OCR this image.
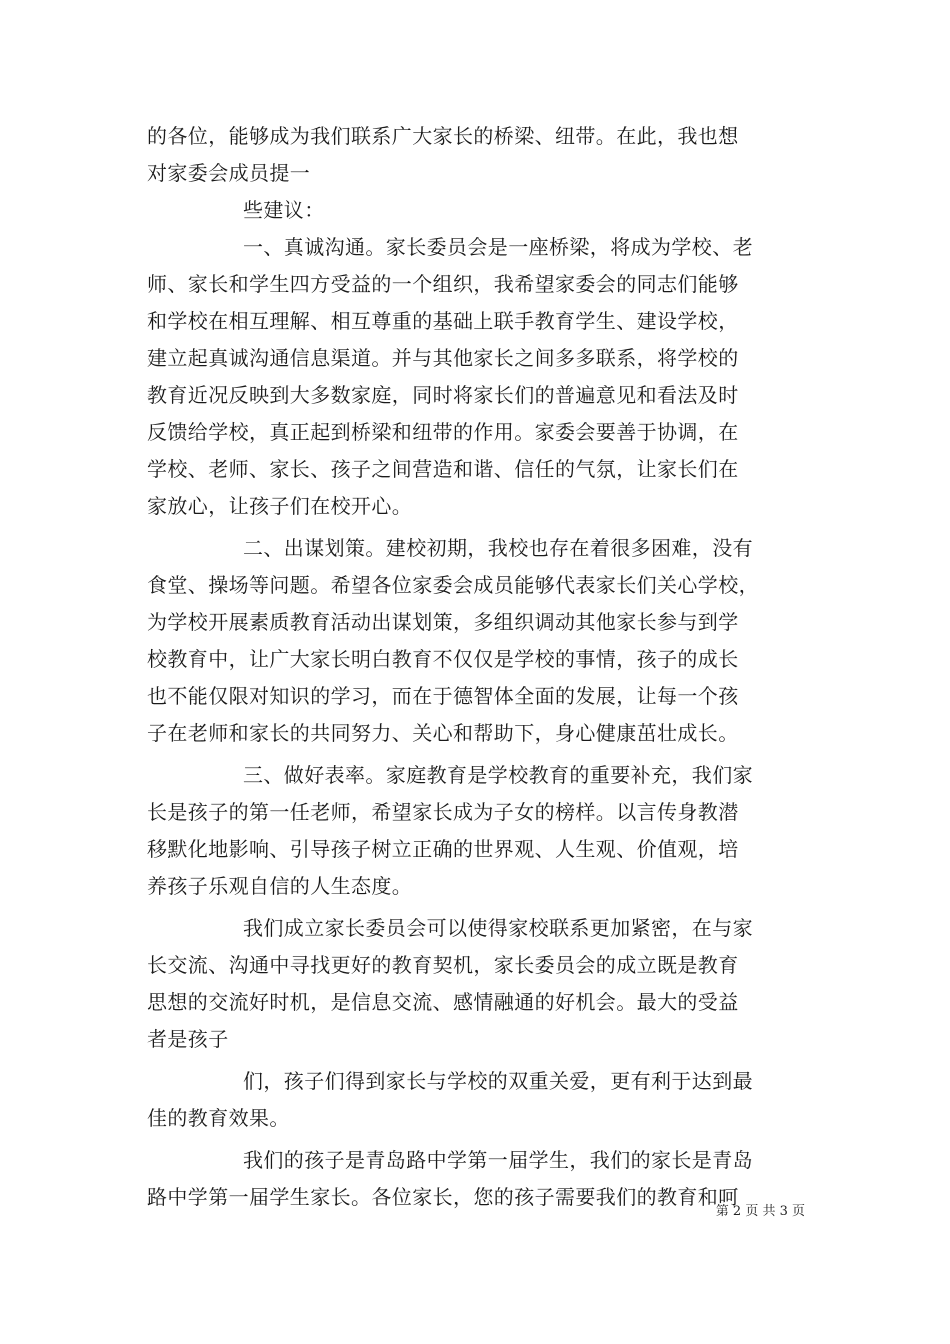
的各位，能够成为我们联系广大家长的桥梁、纽带。在此，我也想
对家委会成员提一
些建议：
一、真诚沟通。家长委员会是一座桥梁，将成为学校、老
师、家长和学生四方受益的一个组织，我希望家委会的同志们能够
和学校在相互理解、相互尊重的基础上联手教育学生、建设学校，
建立起真诚沟通信息渠道。并与其他家长之间多多联系，将学校的
教育近况反映到大多数家庭，同时将家长们的普遍意见和看法及时
反馈给学校，真正起到桥梁和纽带的作用。家委会要善于协调，在
学校、老师、家长、孩子之间营造和谐、信任的气氛，让家长们在
家放心，让孩子们在校开心。
二、出谋划策。建校初期，我校也存在着很多困难，没有
食堂、操场等问题。希望各位家委会成员能够代表家长们关心学校，
为学校开展素质教育活动出谋划策，多组织调动其他家长参与到学
校教育中，让广大家长明白教育不仅仅是学校的事情，孩子的成长
也不能仅限对知识的学习，而在于德智体全面的发展，让每一个孩
子在老师和家长的共同努力、关心和帮助下，身心健康茁壮成长。
三、做好表率。家庭教育是学校教育的重要补充，我们家
长是孩子的第一任老师，希望家长成为子女的榜样。以言传身教潜
移默化地影响、引导孩子树立正确的世界观、人生观、价值观，培
养孩子乐观自信的人生态度。
我们成立家长委员会可以使得家校联系更加紧密，在与家
长交流、沟通中寻找更好的教育契机，家长委员会的成立既是教育
思想的交流好时机，是信息交流、感情融通的好机会。最大的受益
者是孩子
们，孩子们得到家长与学校的双重关爱，更有利于达到最
佳的教育效果。
我们的孩子是青岛路中学第一届学生，我们的家长是青岛
路中学第一届学生家长。各位家长，您的孩子需要我们的教育和呵
第 2 页 共 3 页
